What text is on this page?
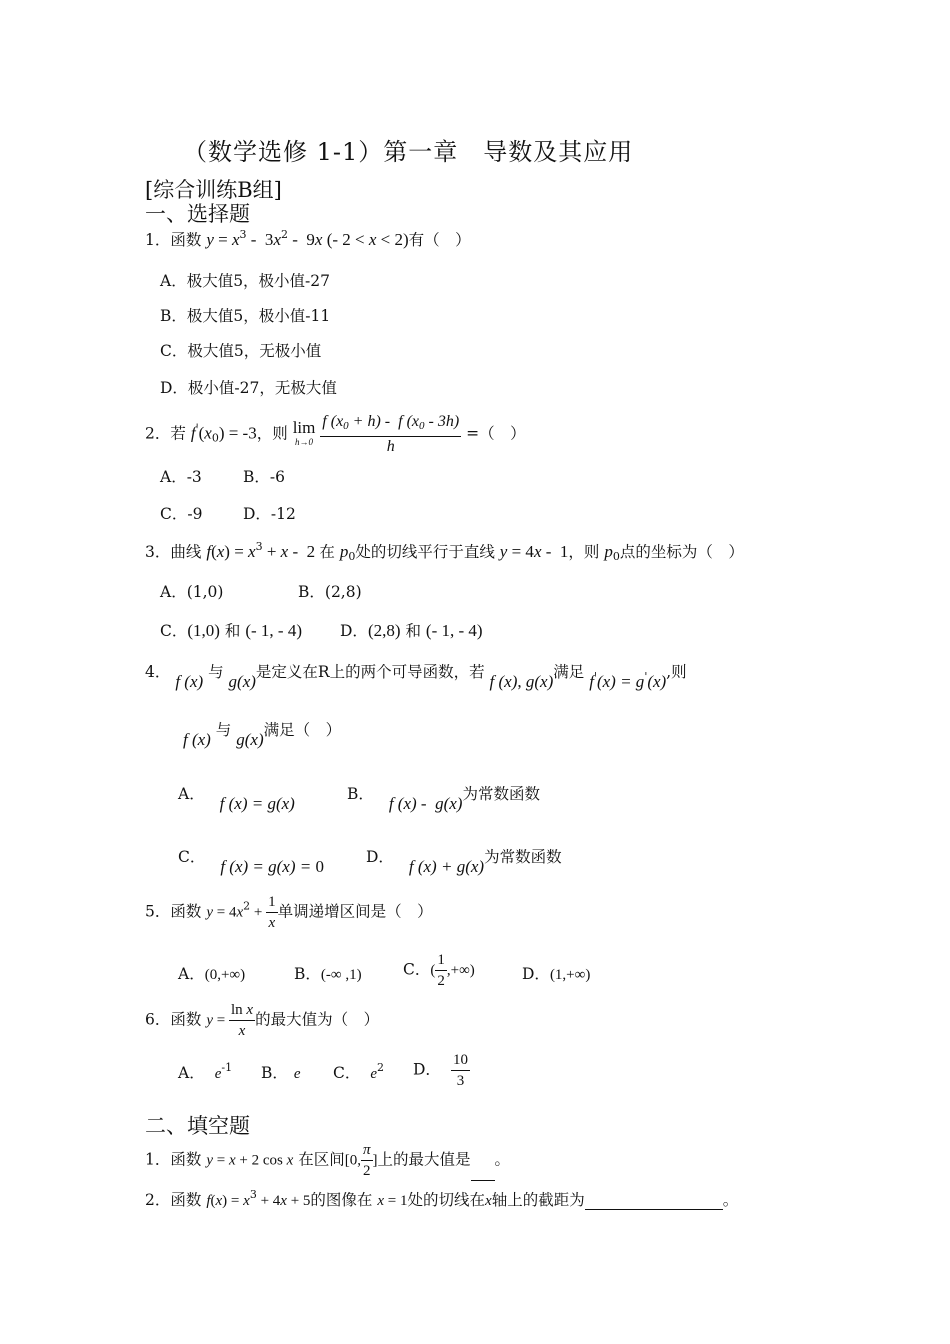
（数学选修 1-1）第一章　导数及其应用
[综合训练B组]
一、选择题
1．函数 $y = x^3 - 3x^2 - 9x$ (- 2 < x < 2)有（　）
A．极大值5，极小值-27
B．极大值5，极小值-11
C．极大值5，无极小值
D．极小值-27，无极大值
2．若 $f'(x_0) = -3$，则 lim
h→0
$\frac{f (x_0 + h) - f (x_0 - 3h)}{h}$ =（　）
A．-3	B．-6
C．-9	D．-12
3．曲线 $f(x) = x^3 + x - 2$ 在 $p_0$处的切线平行于直线 y = 4x -  1，则 $p_0$点的坐标为（　）
A．(1,0)	B．(2,8)
C．(1,0) 和 (- 1, - 4) D．(2,8) 和 (- 1, - 4)
4． f (x) 与 g(x)是定义在R上的两个可导函数，若 f (x), g(x)满足 f'(x) = g'(x),则
f (x) 与 g(x)满足（　）
A． f (x) = g(x)	B． f (x) -  g(x)为常数函数
C． f (x) = g(x) = 0	D． f (x) + g(x)为常数函数
5．函数 $y = 4x^2 + \frac{1}{x}$ 单调递增区间是（　）
A．(0,+∞)	B．(-∞ ,1)	C．( $\frac{1}{2}$ ,+∞)	D．(1,+∞)
6．函数 $y = \frac{\text{ln x}}{x}$ 的最大值为（　）
A． $e^{-1}$ B． e C． $e^2$ D． $\frac{10}{3}$
二、填空题
1．函数 y = x + 2 cos x 在区间[0, $\frac{\pi}{2}$ ]上的最大值是 。
2．函数 $f(x) = x^3 + 4x + 5$的图像在 x = 1处的切线在x轴上的截距为	。
